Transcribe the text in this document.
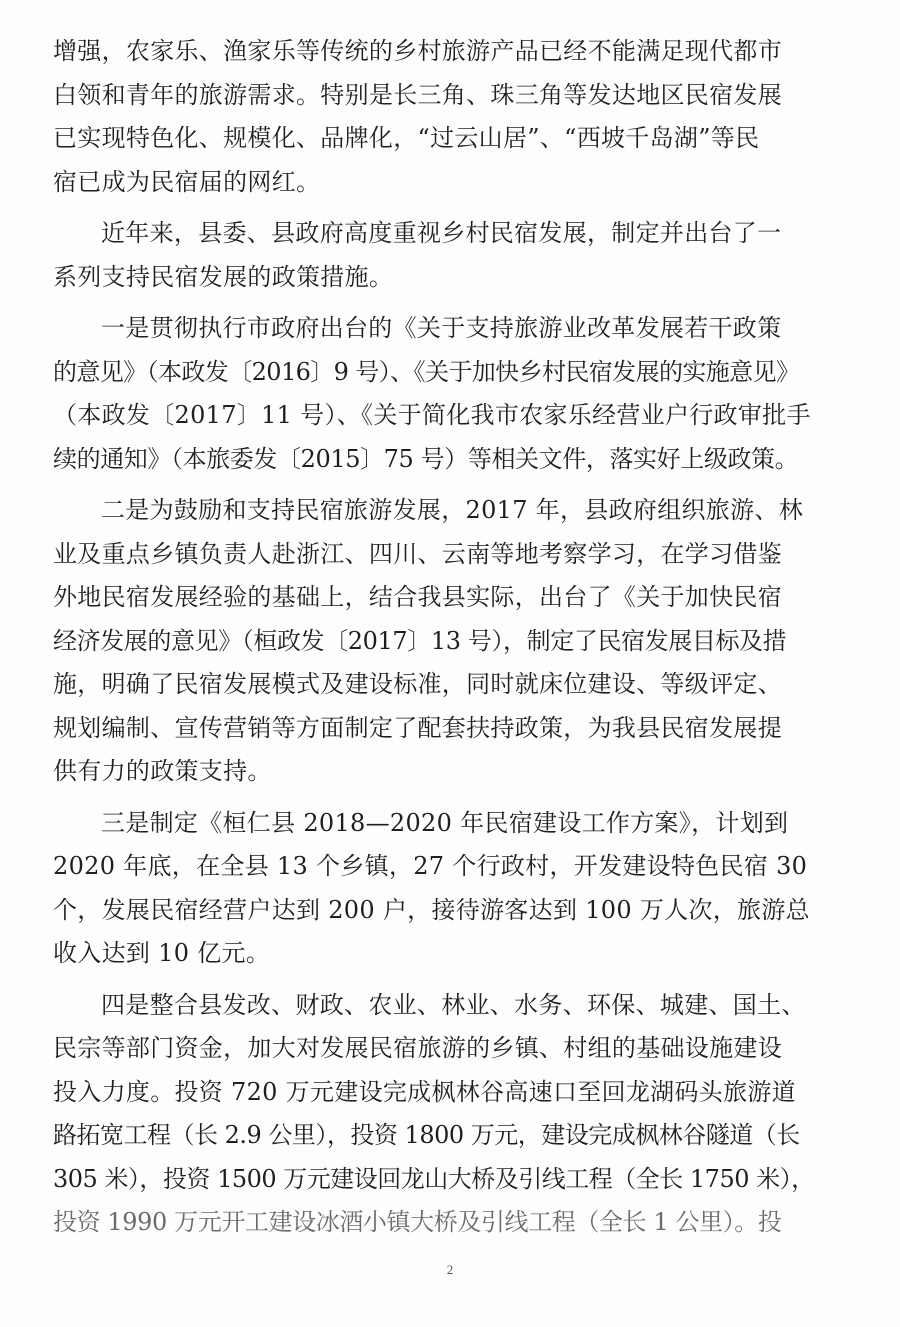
增强，农家乐、渔家乐等传统的乡村旅游产品已经不能满足现代都市
白领和青年的旅游需求。特别是长三角、珠三角等发达地区民宿发展
已实现特色化、规模化、品牌化，“过云山居”、“西坡千岛湖”等民
宿已成为民宿届的网红。
近年来，县委、县政府高度重视乡村民宿发展，制定并出台了一
系列支持民宿发展的政策措施。
一是贯彻执行市政府出台的《关于支持旅游业改革发展若干政策
的意见》（本政发〔2016〕9 号）、《关于加快乡村民宿发展的实施意见》
（本政发〔2017〕11 号）、《关于简化我市农家乐经营业户行政审批手
续的通知》（本旅委发〔2015〕75 号）等相关文件，落实好上级政策。
二是为鼓励和支持民宿旅游发展，2017 年，县政府组织旅游、林
业及重点乡镇负责人赴浙江、四川、云南等地考察学习，在学习借鉴
外地民宿发展经验的基础上，结合我县实际，出台了《关于加快民宿
经济发展的意见》（桓政发〔2017〕13 号），制定了民宿发展目标及措
施，明确了民宿发展模式及建设标准，同时就床位建设、等级评定、
规划编制、宣传营销等方面制定了配套扶持政策，为我县民宿发展提
供有力的政策支持。
三是制定《桓仁县 2018—2020 年民宿建设工作方案》，计划到
2020 年底，在全县 13 个乡镇，27 个行政村，开发建设特色民宿 30
个，发展民宿经营户达到 200 户，接待游客达到 100 万人次，旅游总
收入达到 10 亿元。
四是整合县发改、财政、农业、林业、水务、环保、城建、国土、
民宗等部门资金，加大对发展民宿旅游的乡镇、村组的基础设施建设
投入力度。投资 720 万元建设完成枫林谷高速口至回龙湖码头旅游道
路拓宽工程（长 2.9 公里），投资 1800 万元，建设完成枫林谷隧道（长
305 米），投资 1500 万元建设回龙山大桥及引线工程（全长 1750 米），
投资 1990 万元开工建设冰酒小镇大桥及引线工程（全长 1 公里）。投
2
